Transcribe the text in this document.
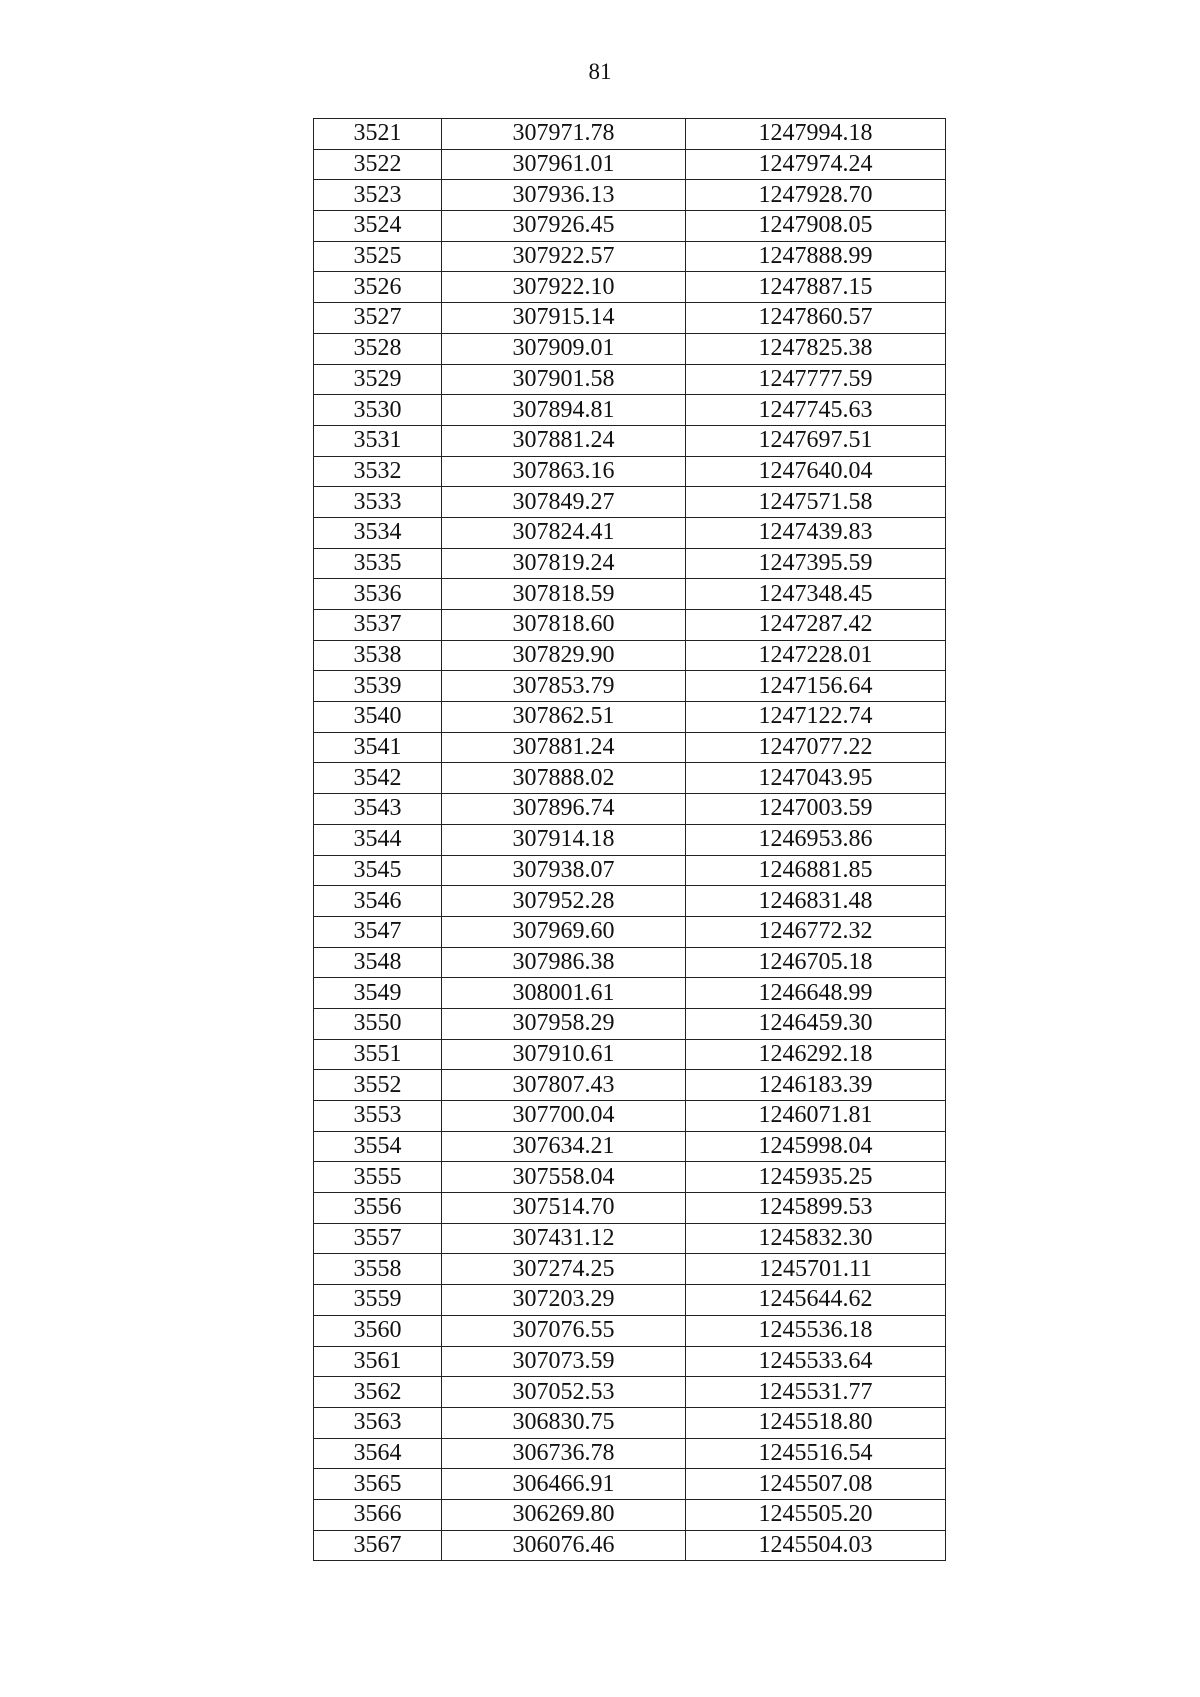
81
3521	307971.78	1247994.18
3522	307961.01	1247974.24
3523	307936.13	1247928.70
3524	307926.45	1247908.05
3525	307922.57	1247888.99
3526	307922.10	1247887.15
3527	307915.14	1247860.57
3528	307909.01	1247825.38
3529	307901.58	1247777.59
3530	307894.81	1247745.63
3531	307881.24	1247697.51
3532	307863.16	1247640.04
3533	307849.27	1247571.58
3534	307824.41	1247439.83
3535	307819.24	1247395.59
3536	307818.59	1247348.45
3537	307818.60	1247287.42
3538	307829.90	1247228.01
3539	307853.79	1247156.64
3540	307862.51	1247122.74
3541	307881.24	1247077.22
3542	307888.02	1247043.95
3543	307896.74	1247003.59
3544	307914.18	1246953.86
3545	307938.07	1246881.85
3546	307952.28	1246831.48
3547	307969.60	1246772.32
3548	307986.38	1246705.18
3549	308001.61	1246648.99
3550	307958.29	1246459.30
3551	307910.61	1246292.18
3552	307807.43	1246183.39
3553	307700.04	1246071.81
3554	307634.21	1245998.04
3555	307558.04	1245935.25
3556	307514.70	1245899.53
3557	307431.12	1245832.30
3558	307274.25	1245701.11
3559	307203.29	1245644.62
3560	307076.55	1245536.18
3561	307073.59	1245533.64
3562	307052.53	1245531.77
3563	306830.75	1245518.80
3564	306736.78	1245516.54
3565	306466.91	1245507.08
3566	306269.80	1245505.20
3567	306076.46	1245504.03
